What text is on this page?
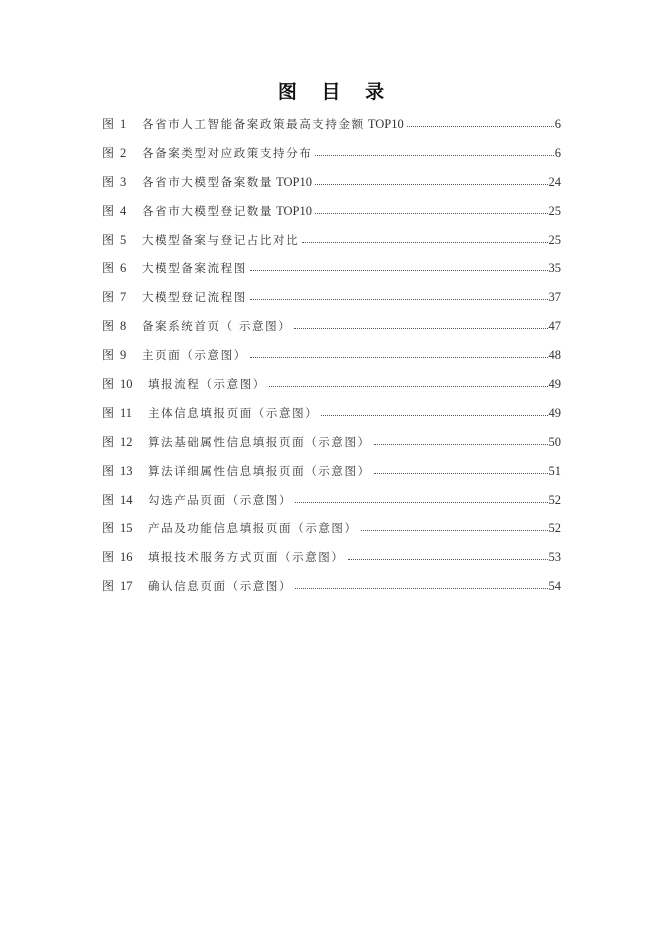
图 目 录
图 1	各省市人工智能备案政策最高支持金额 TOP10	6
图 2	各备案类型对应政策支持分布	6
图 3	各省市大模型备案数量 TOP10	24
图 4	各省市大模型登记数量 TOP10	25
图 5	大模型备案与登记占比对比	25
图 6	大模型备案流程图	35
图 7	大模型登记流程图	37
图 8	备案系统首页（ 示意图）	47
图 9	主页面（示意图）	48
图 10	填报流程（示意图）	49
图 11	主体信息填报页面（示意图）	49
图 12	算法基础属性信息填报页面（示意图）	50
图 13	算法详细属性信息填报页面（示意图）	51
图 14	勾选产品页面（示意图）	52
图 15	产品及功能信息填报页面（示意图）	52
图 16	填报技术服务方式页面（示意图）	53
图 17	确认信息页面（示意图）	54
